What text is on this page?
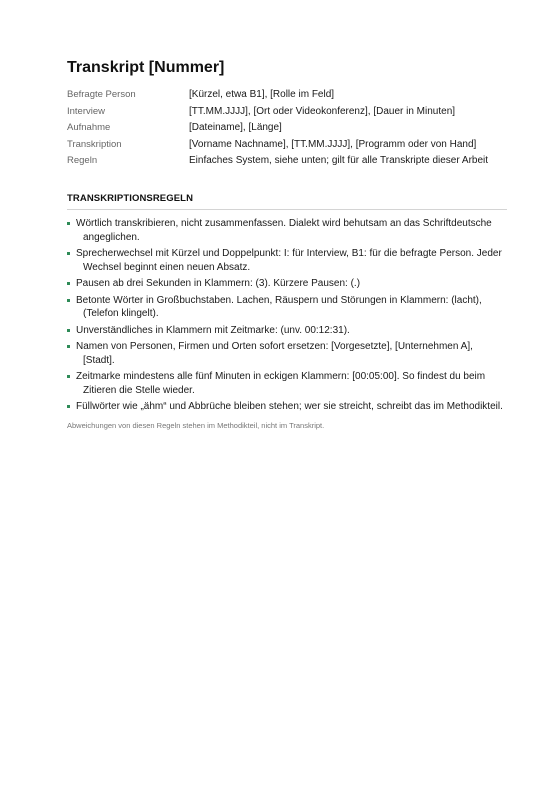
Transkript [Nummer]
Befragte Person	[Kürzel, etwa B1], [Rolle im Feld]
Interview	[TT.MM.JJJJ], [Ort oder Videokonferenz], [Dauer in Minuten]
Aufnahme	[Dateiname], [Länge]
Transkription	[Vorname Nachname], [TT.MM.JJJJ], [Programm oder von Hand]
Regeln	Einfaches System, siehe unten; gilt für alle Transkripte dieser Arbeit
TRANSKRIPTIONSREGELN
Wörtlich transkribieren, nicht zusammenfassen. Dialekt wird behutsam an das Schriftdeutsche angeglichen.
Sprecherwechsel mit Kürzel und Doppelpunkt: I: für Interview, B1: für die befragte Person. Jeder Wechsel beginnt einen neuen Absatz.
Pausen ab drei Sekunden in Klammern: (3). Kürzere Pausen: (.)
Betonte Wörter in Großbuchstaben. Lachen, Räuspern und Störungen in Klammern: (lacht), (Telefon klingelt).
Unverständliches in Klammern mit Zeitmarke: (unv. 00:12:31).
Namen von Personen, Firmen und Orten sofort ersetzen: [Vorgesetzte], [Unternehmen A], [Stadt].
Zeitmarke mindestens alle fünf Minuten in eckigen Klammern: [00:05:00]. So findest du beim Zitieren die Stelle wieder.
Füllwörter wie „ähm“ und Abbrüche bleiben stehen; wer sie streicht, schreibt das im Methodikteil.
Abweichungen von diesen Regeln stehen im Methodikteil, nicht im Transkript.
